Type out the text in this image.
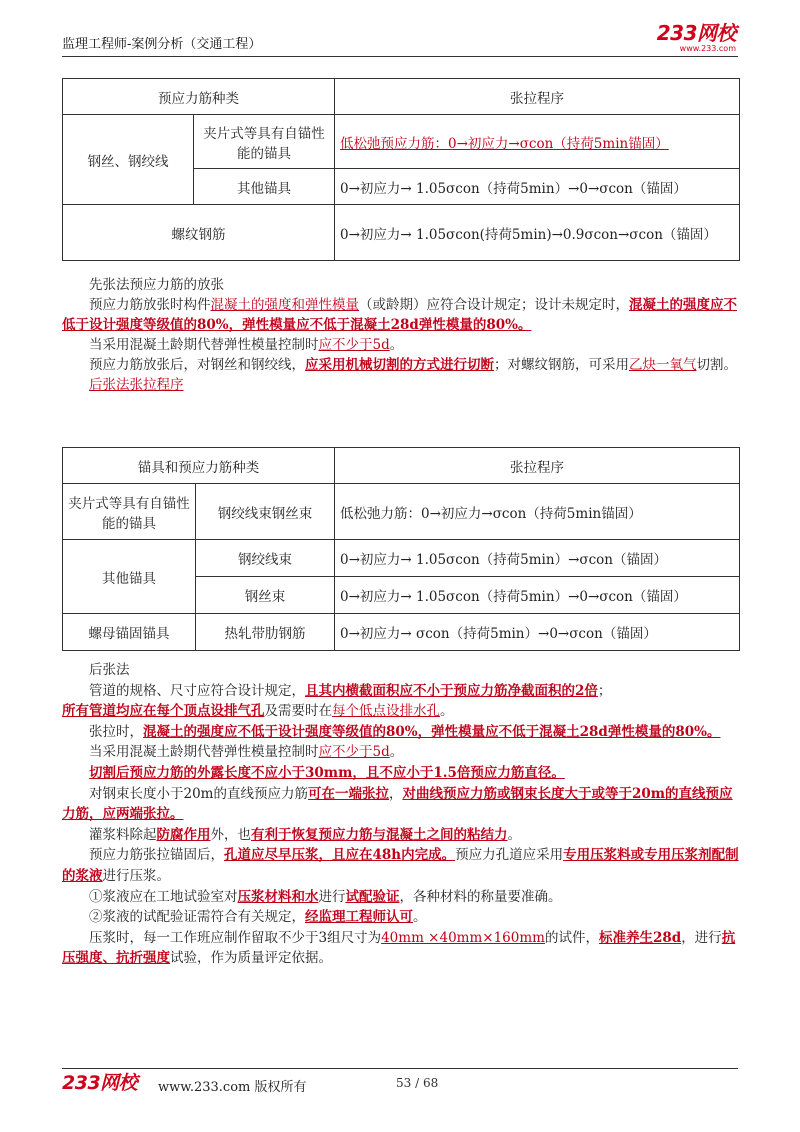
监理工程师-案例分析（交通工程）	233网校
www.233.com
预应力筋种类		张拉程序
钢丝、钢绞线	夹片式等具有自锚性能的锚具	低松弛预应力筋：0→初应力→σcon（持荷5min锚固）
	其他锚具	0→初应力→ 1.05σcon（持荷5min）→0→σcon（锚固）
螺纹钢筋		0→初应力→ 1.05σcon(持荷5min)→0.9σcon→σcon（锚固）

先张法预应力筋的放张

预应力筋放张时构件混凝土的强度和弹性模量（或龄期）应符合设计规定；设计未规定时，混凝土的强度应不低于设计强度等级值的80%，弹性模量应不低于混凝土28d弹性模量的80%。

当采用混凝土龄期代替弹性模量控制时应不少于5d。

预应力筋放张后，对钢丝和钢绞线，应采用机械切割的方式进行切断；对螺纹钢筋，可采用乙炔一氧气切割。

后张法张拉程序

锚具和预应力筋种类		张拉程序
夹片式等具有自锚性能的锚具	钢绞线束钢丝束	低松弛力筋：0→初应力→σcon（持荷5min锚固）
其他锚具	钢绞线束	0→初应力→ 1.05σcon（持荷5min）→σcon（锚固）
	钢丝束	0→初应力→ 1.05σcon（持荷5min）→0→σcon（锚固）
螺母锚固锚具	热轧带肋钢筋	0→初应力→ σcon（持荷5min）→0→σcon（锚固）

后张法

管道的规格、尺寸应符合设计规定，且其内横截面积应不小于预应力筋净截面积的2倍；

所有管道均应在每个顶点设排气孔及需要时在每个低点设排水孔。

张拉时，混凝土的强度应不低于设计强度等级值的80%，弹性模量应不低于混凝土28d弹性模量的80%。

当采用混凝土龄期代替弹性模量控制时应不少于5d。

切割后预应力筋的外露长度不应小于30mm，且不应小于1.5倍预应力筋直径。

对钢束长度小于20m的直线预应力筋可在一端张拉，对曲线预应力筋或钢束长度大于或等于20m的直线预应力筋，应两端张拉。

灌浆料除起防腐作用外，也有利于恢复预应力筋与混凝土之间的粘结力。

预应力筋张拉锚固后，孔道应尽早压浆，且应在48h内完成。预应力孔道应采用专用压浆料或专用压浆剂配制的浆液进行压浆。

①浆液应在工地试验室对压浆材料和水进行试配验证，各种材料的称量要准确。

②浆液的试配验证需符合有关规定，经监理工程师认可。

压浆时，每一工作班应制作留取不少于3组尺寸为40mm ×40mm×160mm的试件，标准养生28d，进行抗压强度、抗折强度试验，作为质量评定依据。

233网校 www.233.com 版权所有	53 / 68
